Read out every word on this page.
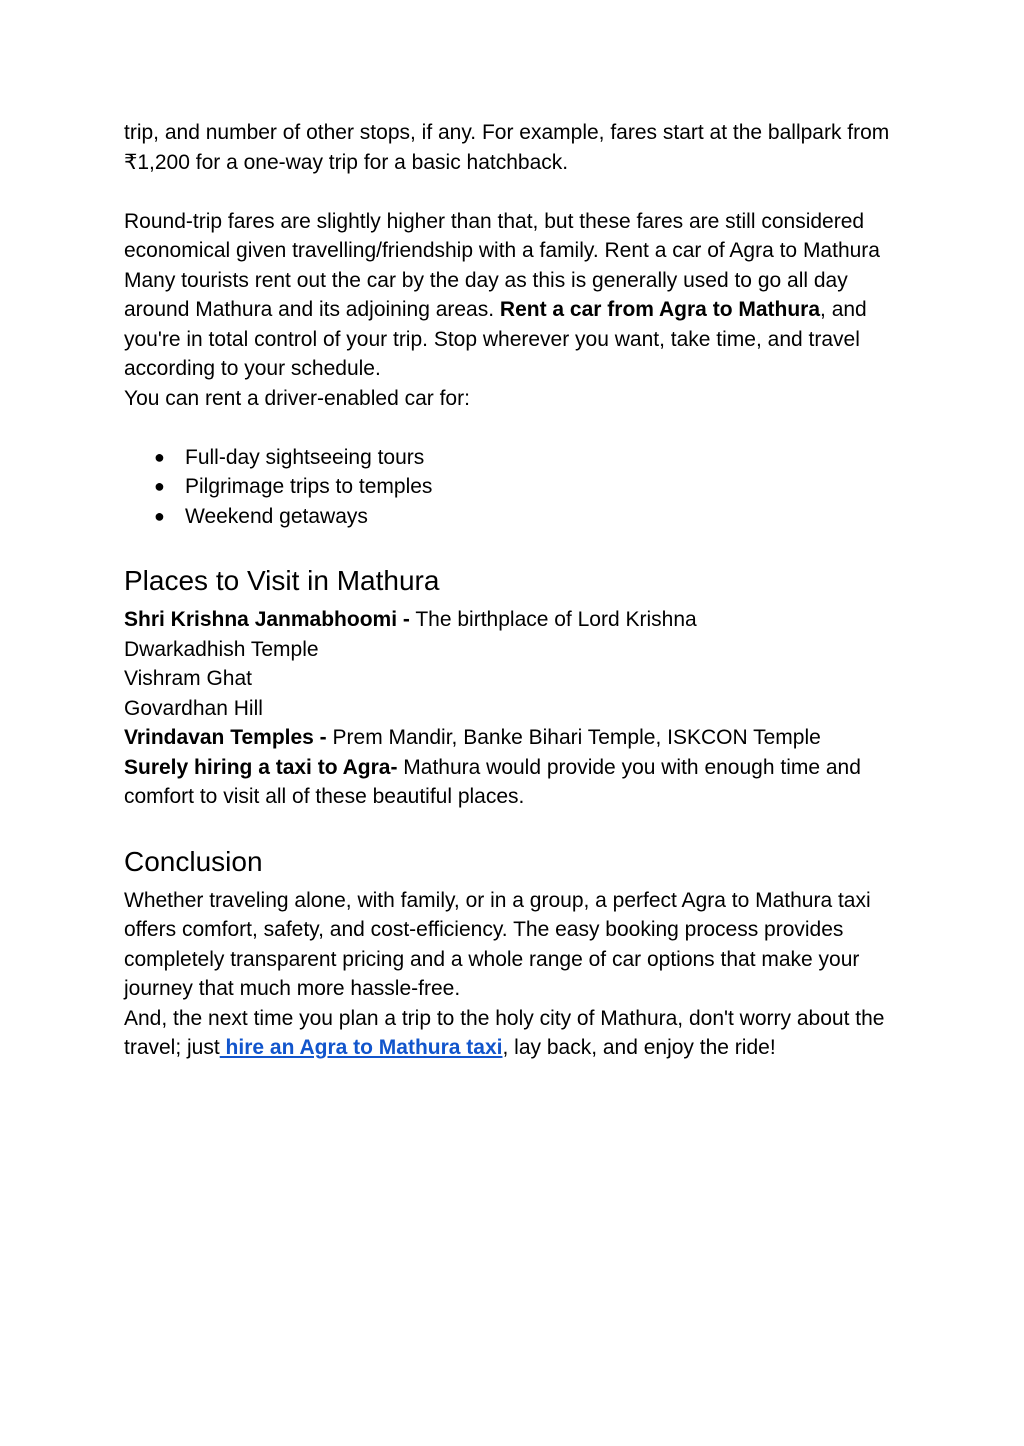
trip, and number of other stops, if any. For example, fares start at the ballpark from ₹1,200 for a one-way trip for a basic hatchback.

Round-trip fares are slightly higher than that, but these fares are still considered economical given travelling/friendship with a family. Rent a car of Agra to Mathura

Many tourists rent out the car by the day as this is generally used to go all day around Mathura and its adjoining areas. Rent a car from Agra to Mathura, and you're in total control of your trip. Stop wherever you want, take time, and travel according to your schedule.

You can rent a driver-enabled car for:

● Full-day sightseeing tours
● Pilgrimage trips to temples
● Weekend getaways
Places to Visit in Mathura

Shri Krishna Janmabhoomi - The birthplace of Lord Krishna

Dwarkadhish Temple

Vishram Ghat

Govardhan Hill

Vrindavan Temples - Prem Mandir, Banke Bihari Temple, ISKCON Temple

Surely hiring a taxi to Agra- Mathura would provide you with enough time and comfort to visit all of these beautiful places.

Conclusion

Whether traveling alone, with family, or in a group, a perfect Agra to Mathura taxi offers comfort, safety, and cost-efficiency. The easy booking process provides completely transparent pricing and a whole range of car options that make your journey that much more hassle-free.

And, the next time you plan a trip to the holy city of Mathura, don't worry about the travel; just hire an Agra to Mathura taxi, lay back, and enjoy the ride!
